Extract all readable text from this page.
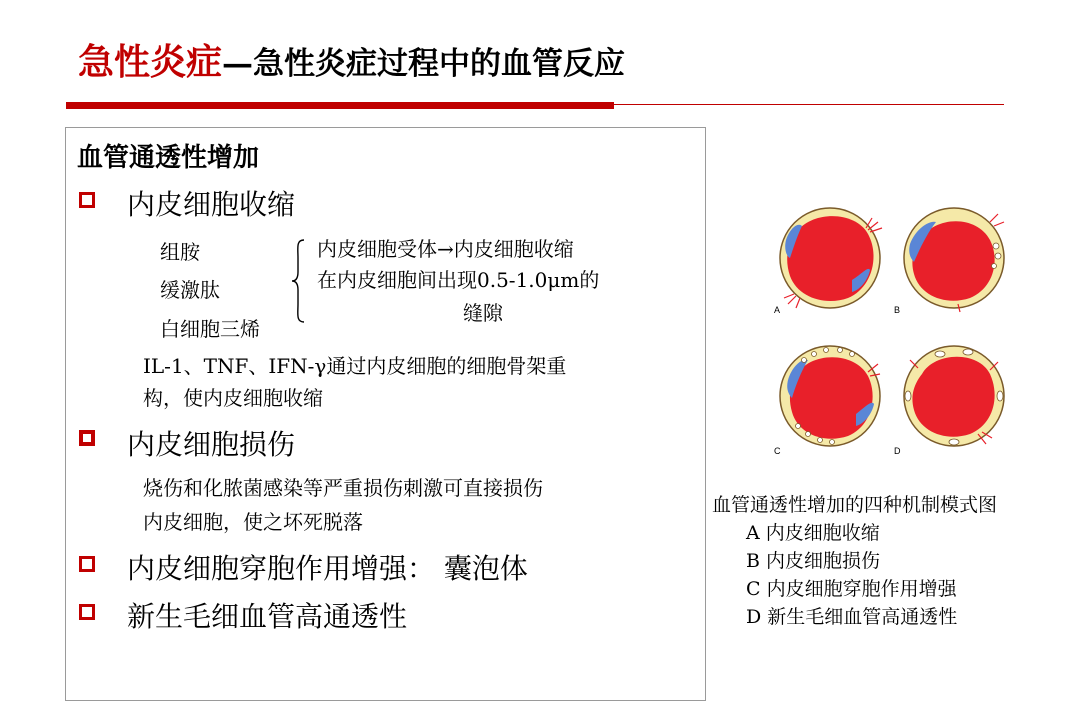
急性炎症—急性炎症过程中的血管反应
血管通透性增加
内皮细胞收缩
组胺
缓激肽
白细胞三烯
内皮细胞受体→内皮细胞收缩
在内皮细胞间出现0.5-1.0μm的
缝隙
IL-1、TNF、IFN-γ通过内皮细胞的细胞骨架重
构，使内皮细胞收缩
内皮细胞损伤
烧伤和化脓菌感染等严重损伤刺激可直接损伤
内皮细胞，使之坏死脱落
内皮细胞穿胞作用增强： 囊泡体
新生毛细血管高通透性
A	B
C	D
血管通透性增加的四种机制模式图
A 内皮细胞收缩
B 内皮细胞损伤
C 内皮细胞穿胞作用增强
D 新生毛细血管高通透性
